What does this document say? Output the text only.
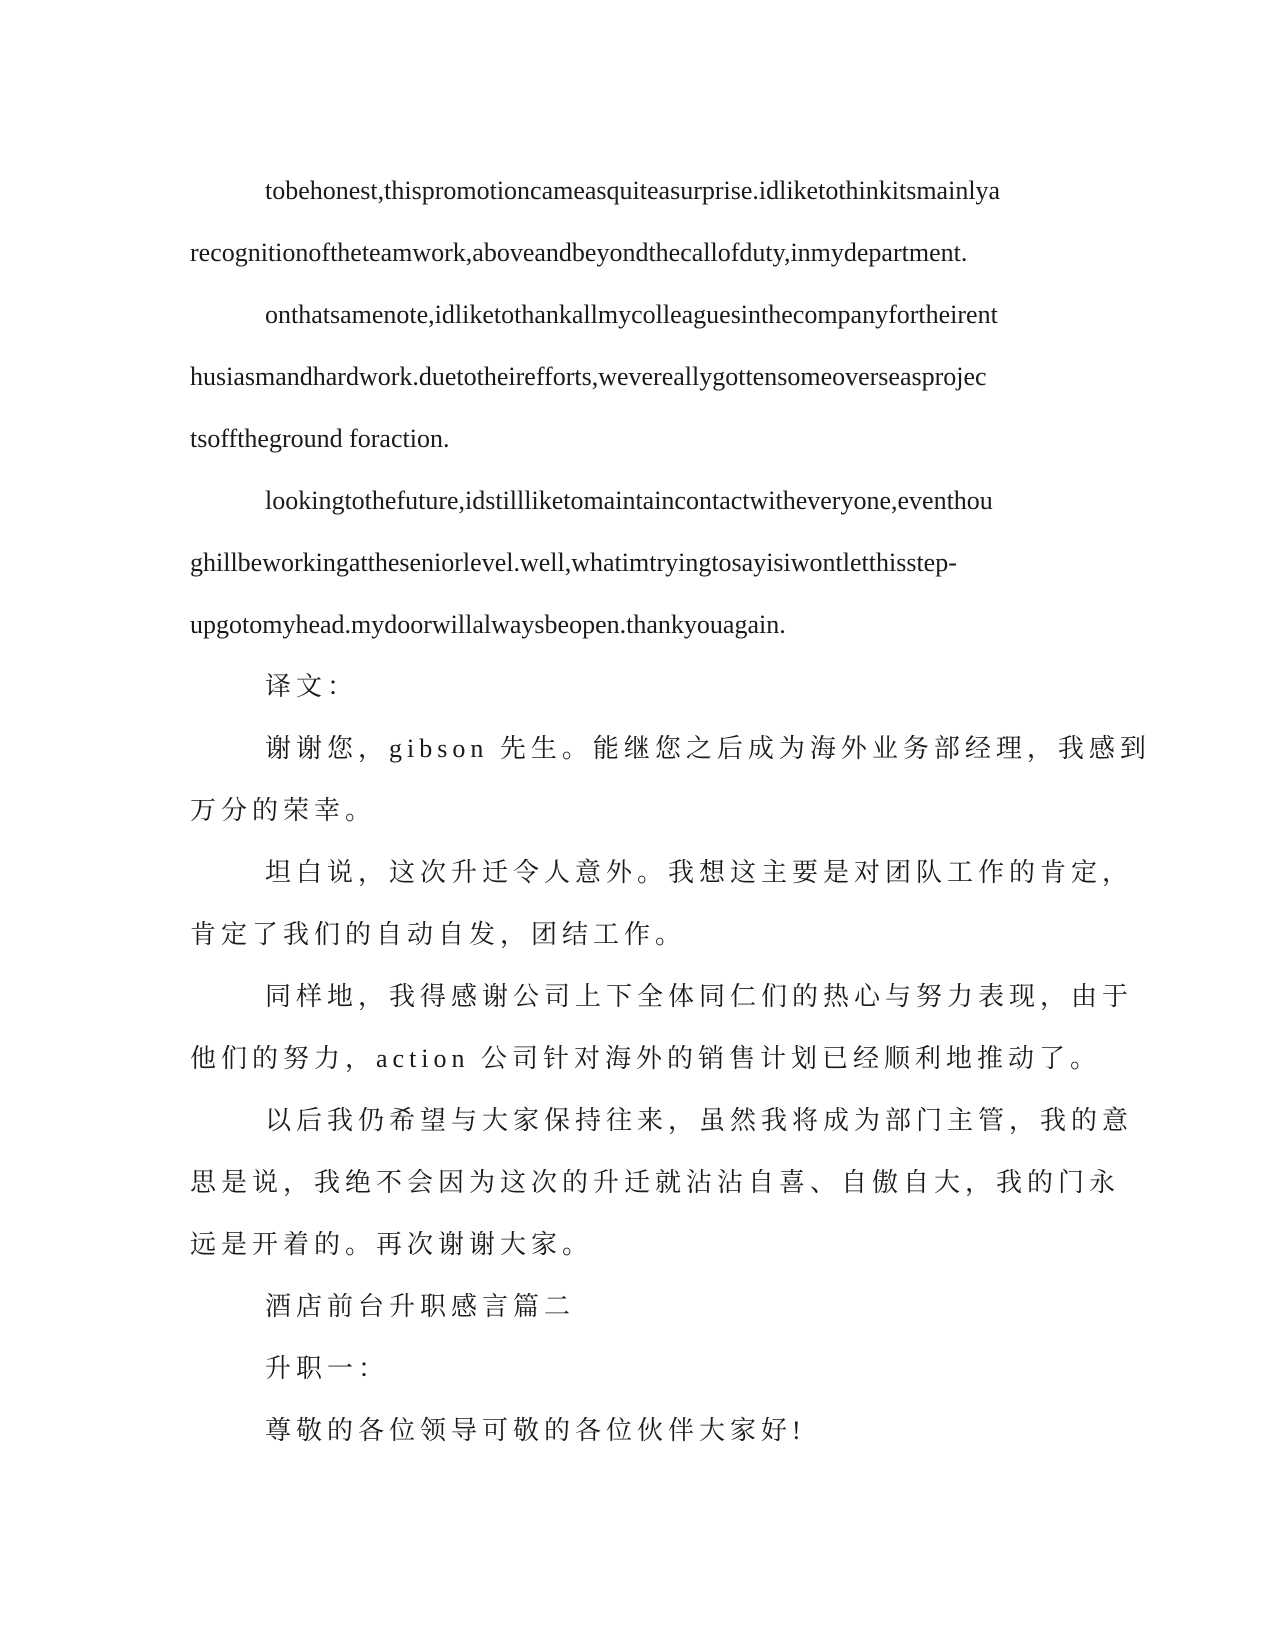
tobehonest,thispromotioncameasquiteasurprise.idliketothinkitsmainlya
recognitionoftheteamwork,aboveandbeyondthecallofduty,inmydepartment.
onthatsamenote,idliketothankallmycolleaguesinthecompanyfortheirent
husiasmandhardwork.duetotheirefforts,wevereallygottensomeoverseasprojec
tsofftheground foraction.
lookingtothefuture,idstillliketomaintaincontactwitheveryone,eventhou
ghillbeworkingattheseniorlevel.well,whatimtryingtosayisiwontletthisstep-
upgotomyhead.mydoorwillalwaysbeopen.thankyouagain.
译文：
谢谢您，gibson 先生。能继您之后成为海外业务部经理，我感到
万分的荣幸。
坦白说，这次升迁令人意外。我想这主要是对团队工作的肯定，
肯定了我们的自动自发，团结工作。
同样地，我得感谢公司上下全体同仁们的热心与努力表现，由于
他们的努力，action 公司针对海外的销售计划已经顺利地推动了。
以后我仍希望与大家保持往来，虽然我将成为部门主管，我的意
思是说，我绝不会因为这次的升迁就沾沾自喜、自傲自大，我的门永
远是开着的。再次谢谢大家。
酒店前台升职感言篇二
升职一：
尊敬的各位领导可敬的各位伙伴大家好!
